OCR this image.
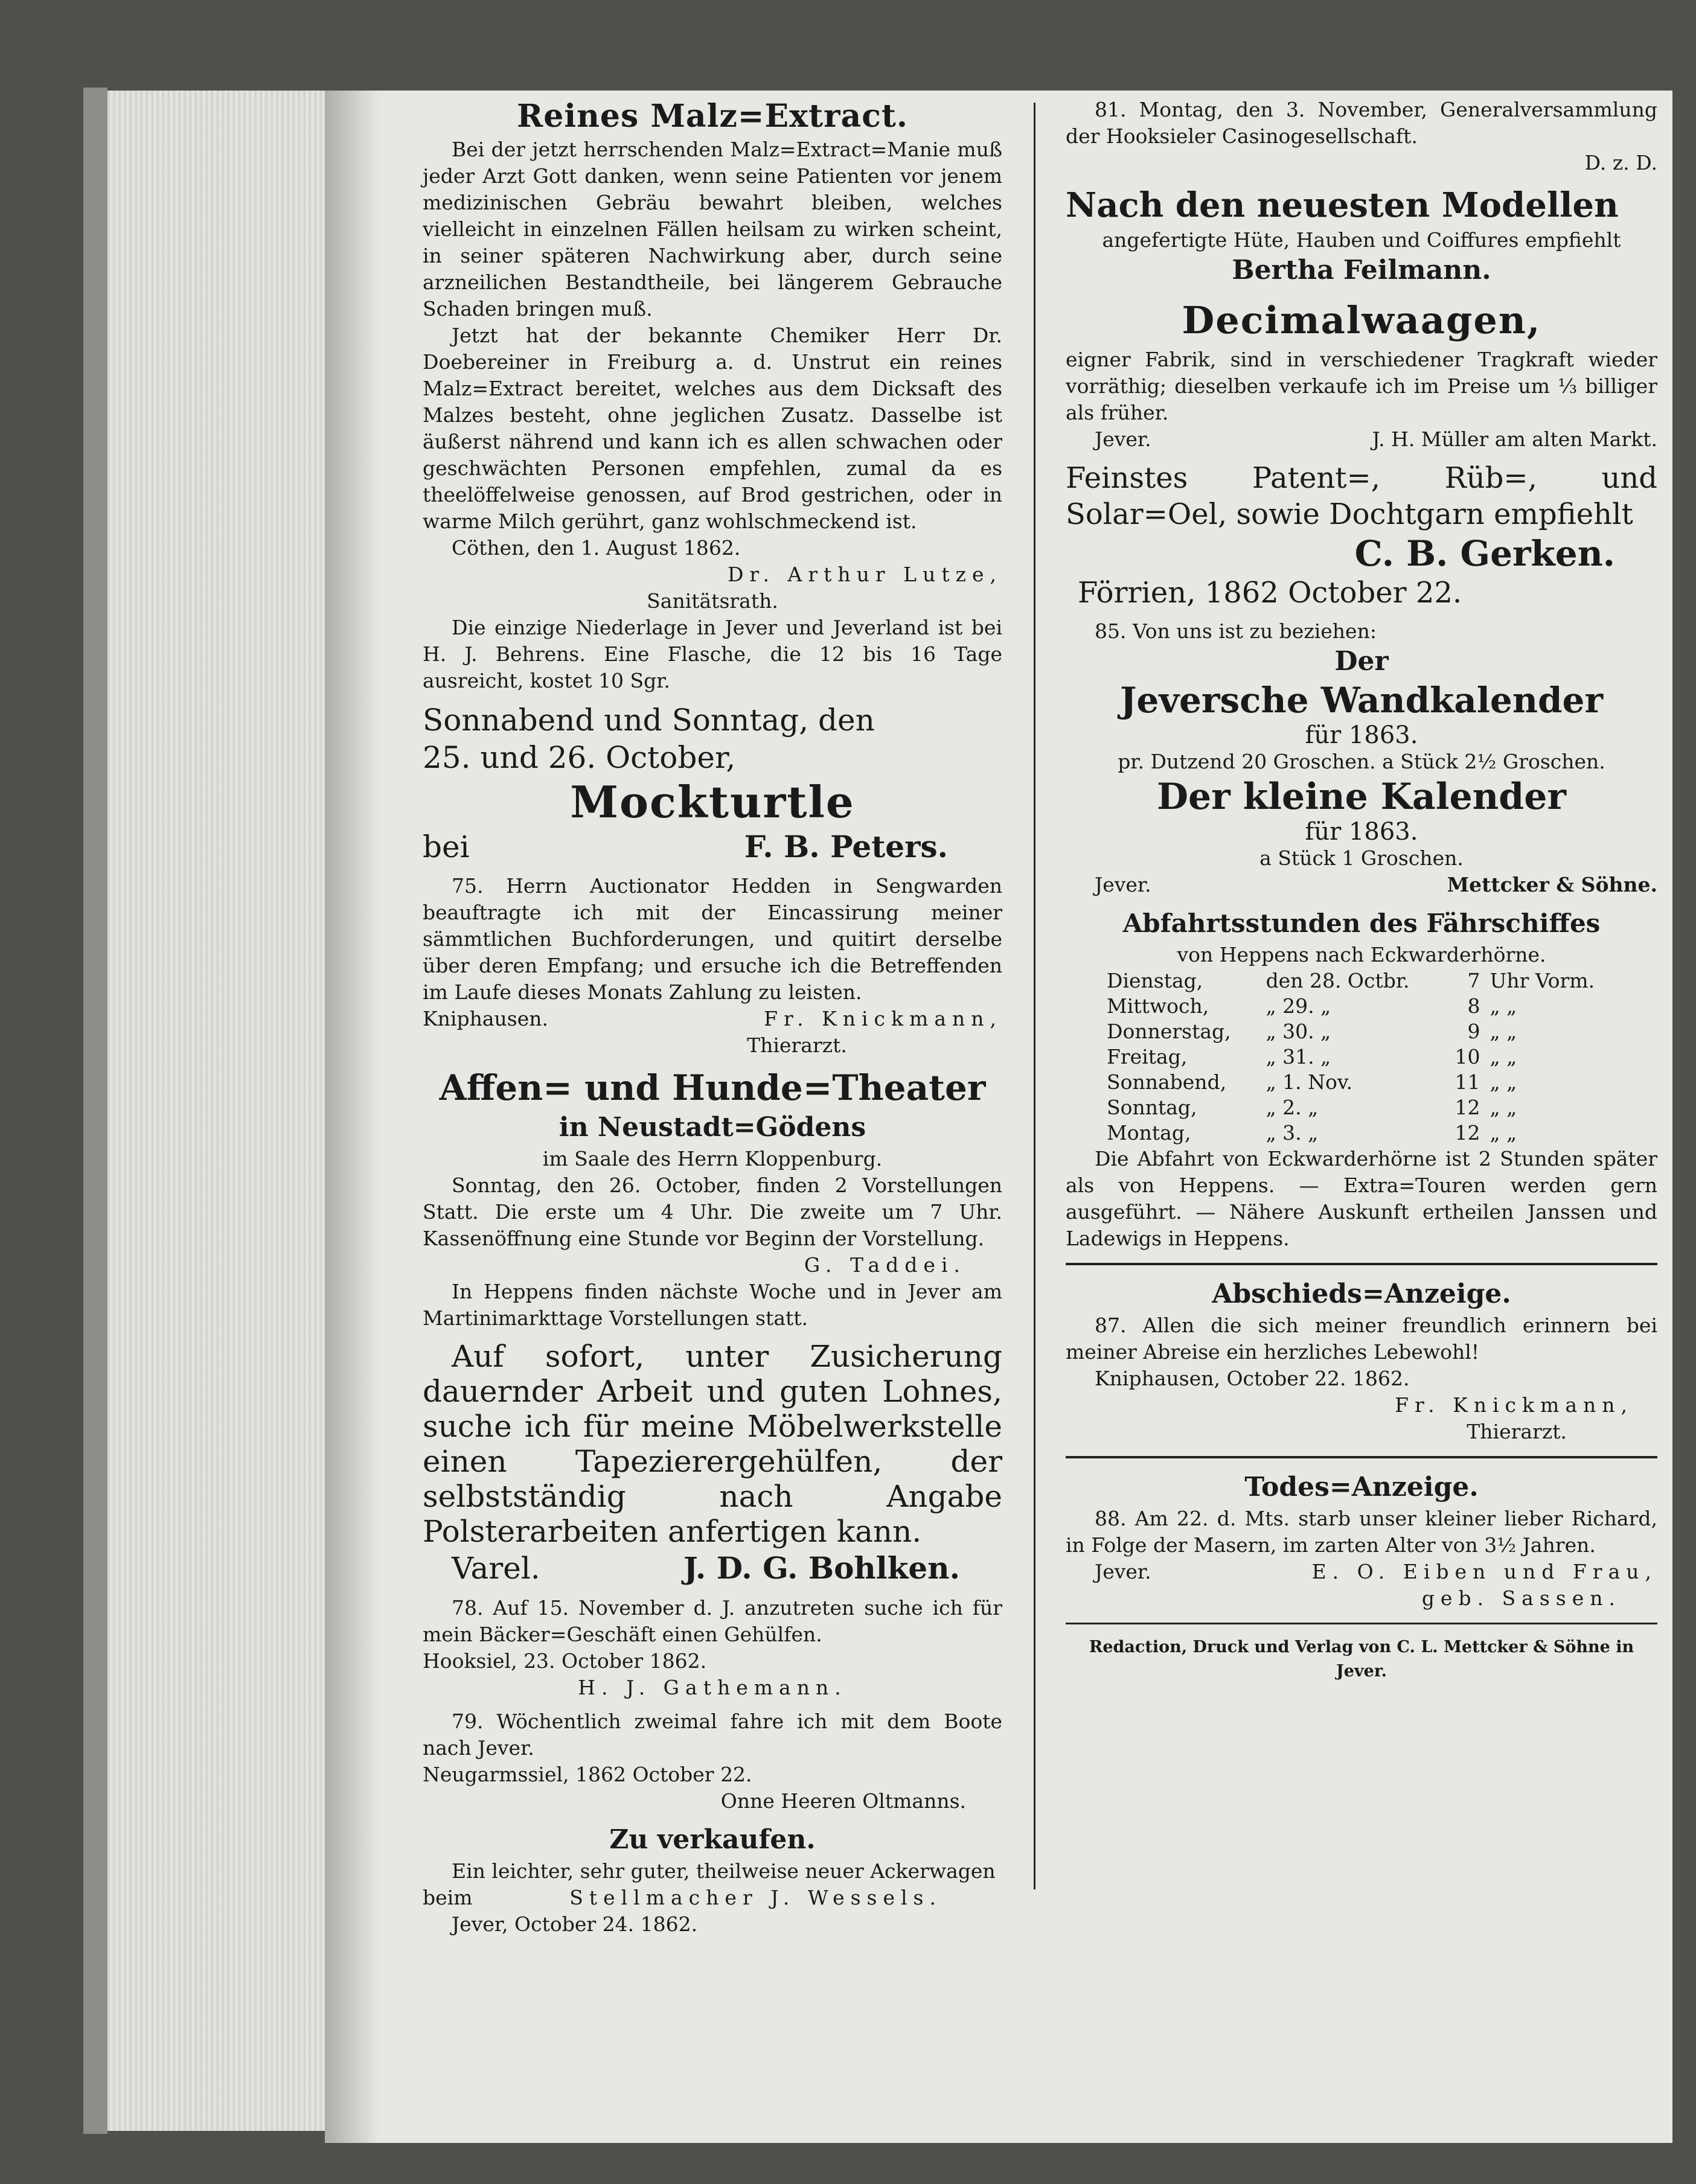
Reines Malz=Extract.

Bei der jetzt herrschenden Malz=Extract=Manie muß jeder Arzt Gott danken, wenn seine Patienten vor jenem medizinischen Gebräu bewahrt bleiben, welches vielleicht in einzelnen Fällen heilsam zu wirken scheint, in seiner späteren Nachwirkung aber, durch seine arzneilichen Bestandtheile, bei längerem Gebrauche Schaden bringen muß.

Jetzt hat der bekannte Chemiker Herr Dr. Doebereiner in Freiburg a. d. Unstrut ein reines Malz=Extract bereitet, welches aus dem Dicksaft des Malzes besteht, ohne jeglichen Zusatz. Dasselbe ist äußerst nährend und kann ich es allen schwachen oder geschwächten Personen empfehlen, zumal da es theelöffelweise genossen, auf Brod gestrichen, oder in warme Milch gerührt, ganz wohlschmeckend ist.

Cöthen, den 1. August 1862.

Dr. Arthur Lutze,

Sanitätsrath.

Die einzige Niederlage in Jever und Jeverland ist bei H. J. Behrens. Eine Flasche, die 12 bis 16 Tage ausreicht, kostet 10 Sgr.

Sonnabend und Sonntag, den
25. und 26. October,
Mockturtle
bei	F. B. Peters.

75. Herrn Auctionator Hedden in Sengwarden beauftragte ich mit der Eincassirung meiner sämmtlichen Buchforderungen, und quitirt derselbe über deren Empfang; und ersuche ich die Betreffenden im Laufe dieses Monats Zahlung zu leisten.

Kniphausen.	Fr. Knickmann,

Thierarzt.

Affen= und Hunde=Theater
in Neustadt=Gödens

im Saale des Herrn Kloppenburg.

Sonntag, den 26. October, finden 2 Vorstellungen Statt. Die erste um 4 Uhr. Die zweite um 7 Uhr. Kassenöffnung eine Stunde vor Beginn der Vorstellung.

G. Taddei.

In Heppens finden nächste Woche und in Jever am Martinimarkttage Vorstellungen statt.

Auf sofort, unter Zusicherung dauernder Arbeit und guten Lohnes, suche ich für meine Möbelwerkstelle einen Tapezierergehülfen, der selbstständig nach Angabe Polsterarbeiten anfertigen kann.

Varel.	J. D. G. Bohlken.

78. Auf 15. November d. J. anzutreten suche ich für mein Bäcker=Geschäft einen Gehülfen.

Hooksiel, 23. October 1862.

H. J. Gathemann.

79. Wöchentlich zweimal fahre ich mit dem Boote nach Jever.

Neugarmssiel, 1862 October 22.

Onne Heeren Oltmanns.

Zu verkaufen.

Ein leichter, sehr guter, theilweise neuer Ackerwagen

beim	Stellmacher J. Wessels.

Jever, October 24. 1862.

81. Montag, den 3. November, Generalversammlung der Hooksieler Casinogesellschaft.

D. z. D.

Nach den neuesten Modellen

angefertigte Hüte, Hauben und Coiffures empfiehlt

Bertha Feilmann.

Decimalwaagen,

eigner Fabrik, sind in verschiedener Tragkraft wieder vorräthig; dieselben verkaufe ich im Preise um ⅓ billiger als früher.

Jever.	J. H. Müller am alten Markt.

Feinstes Patent=, Rüb=, und Solar=Oel, sowie Dochtgarn empfiehlt

C. B. Gerken.

Förrien, 1862 October 22.

85. Von uns ist zu beziehen:

Der

Jeversche Wandkalender

für 1863.

pr. Dutzend 20 Groschen. a Stück 2½ Groschen.

Der kleine Kalender

für 1863.

a Stück 1 Groschen.

Jever.	Mettcker & Söhne.
Abfahrtsstunden des Fährschiffes

von Heppens nach Eckwarderhörne.

Dienstag,	den 28. Octbr.	7	Uhr Vorm.
Mittwoch,	„ 29. „	8	„ „
Donnerstag,	„ 30. „	9	„ „
Freitag,	„ 31. „	10	„ „
Sonnabend,	„ 1. Nov.	11	„ „
Sonntag,	„ 2. „	12	„ „
Montag,	„ 3. „	12	„ „

Die Abfahrt von Eckwarderhörne ist 2 Stunden später als von Heppens. — Extra=Touren werden gern ausgeführt. — Nähere Auskunft ertheilen Janssen und Ladewigs in Heppens.

Abschieds=Anzeige.

87. Allen die sich meiner freundlich erinnern bei meiner Abreise ein herzliches Lebewohl!

Kniphausen, October 22. 1862.

Fr. Knickmann,

Thierarzt.

Todes=Anzeige.

88. Am 22. d. Mts. starb unser kleiner lieber Richard, in Folge der Masern, im zarten Alter von 3½ Jahren.

Jever.	E. O. Eiben und Frau,

geb. Sassen.

Redaction, Druck und Verlag von C. L. Mettcker & Söhne in Jever.
